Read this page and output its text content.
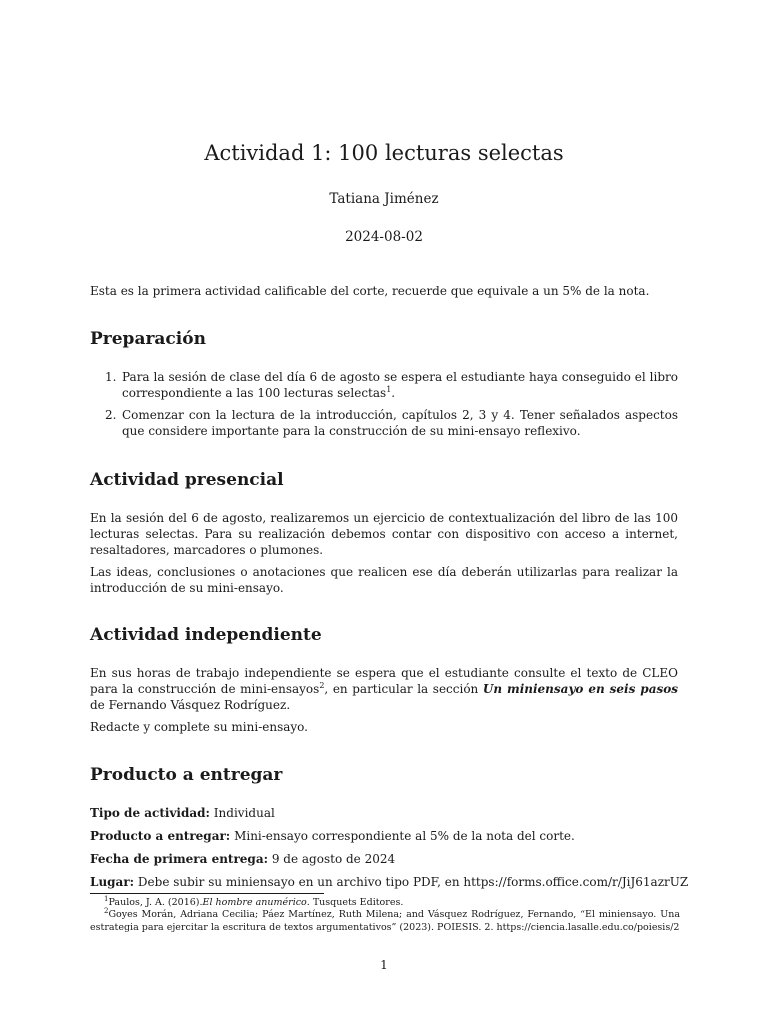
Actividad 1: 100 lecturas selectas
Tatiana Jiménez
2024-08-02
Esta es la primera actividad calificable del corte, recuerde que equivale a un 5% de la nota.
Preparación
1. Para la sesión de clase del día 6 de agosto se espera el estudiante haya conseguido el libro correspondiente a las 100 lecturas selectas$^1$.
2. Comenzar con la lectura de la introducción, capítulos 2, 3 y 4. Tener señalados aspectos que considere importante para la construcción de su mini-ensayo reflexivo.
Actividad presencial
En la sesión del 6 de agosto, realizaremos un ejercicio de contextualización del libro de las 100 lecturas selectas. Para su realización debemos contar con dispositivo con acceso a internet, resaltadores, marcadores o plumones.
Las ideas, conclusiones o anotaciones que realicen ese día deberán utilizarlas para realizar la introducción de su mini-ensayo.
Actividad independiente
En sus horas de trabajo independiente se espera que el estudiante consulte el texto de CLEO para la construcción de mini-ensayos$^2$, en particular la sección Un miniensayo en seis pasos de Fernando Vásquez Rodríguez.
Redacte y complete su mini-ensayo.
Producto a entregar
Tipo de actividad: Individual
Producto a entregar: Mini-ensayo correspondiente al 5% de la nota del corte.
Fecha de primera entrega: 9 de agosto de 2024
Lugar: Debe subir su miniensayo en un archivo tipo PDF, en https://forms.office.com/r/JiJ61azrUZ
$^1$Paulos, J. A. (2016).El hombre anumérico. Tusquets Editores.
$^2$Goyes Morán, Adriana Cecilia; Páez Martínez, Ruth Milena; and Vásquez Rodríguez, Fernando, “El miniensayo. Una estrategia para ejercitar la escritura de textos argumentativos” (2023). POIESIS. 2. https://ciencia.lasalle.edu.co/poiesis/2
1
